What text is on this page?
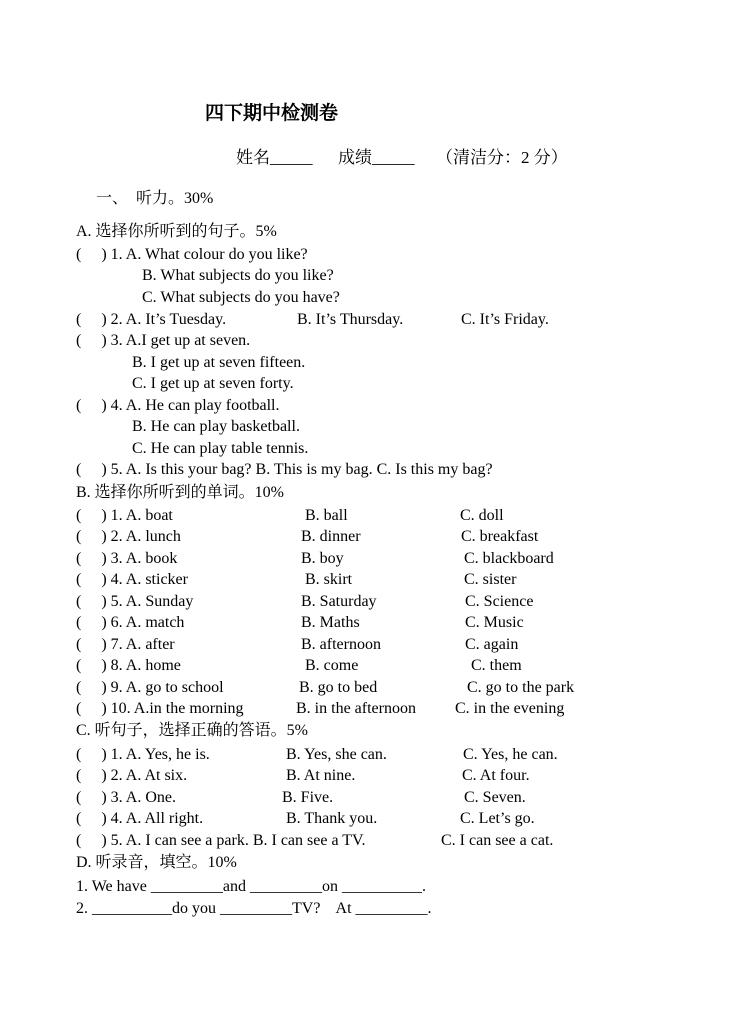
四下期中检测卷
姓名_____ 成绩_____ （清洁分：2 分）
一、  听力。30%
A. 选择你所听到的句子。5%
(     ) 1. A. What colour do you like?
B. What subjects do you like?
C. What subjects do you have?
(     ) 2. A. It’s Tuesday.	B. It’s Thursday.	C. It’s Friday.
(     ) 3. A.I get up at seven.
B. I get up at seven fifteen.
C. I get up at seven forty.
(     ) 4. A. He can play football.
B. He can play basketball.
C. He can play table tennis.
(     ) 5. A. Is this your bag? B. This is my bag. C. Is this my bag?
B. 选择你所听到的单词。10%
(     ) 1. A. boat	B. ball	C. doll
(     ) 2. A. lunch	B. dinner	C. breakfast
(     ) 3. A. book	B. boy	C. blackboard
(     ) 4. A. sticker	B. skirt	C. sister
(     ) 5. A. Sunday	B. Saturday	C. Science
(     ) 6. A. match	B. Maths	C. Music
(     ) 7. A. after	B. afternoon	C. again
(     ) 8. A. home	B. come	C. them
(     ) 9. A. go to school	B. go to bed	C. go to the park
(     ) 10. A.in the morning	B. in the afternoon C. in the evening
C. 听句子，选择正确的答语。5%
(     ) 1. A. Yes, he is.	B. Yes, she can.	C. Yes, he can.
(     ) 2. A. At six.	B. At nine.	C. At four.
(     ) 3. A. One.	B. Five.	C. Seven.
(     ) 4. A. All right.	B. Thank you.	C. Let’s go.
(     ) 5. A. I can see a park. B. I can see a TV.	C. I can see a cat.
D. 听录音，填空。10%
1. We have _________and _________on __________.
2. __________do you _________TV?    At _________.
